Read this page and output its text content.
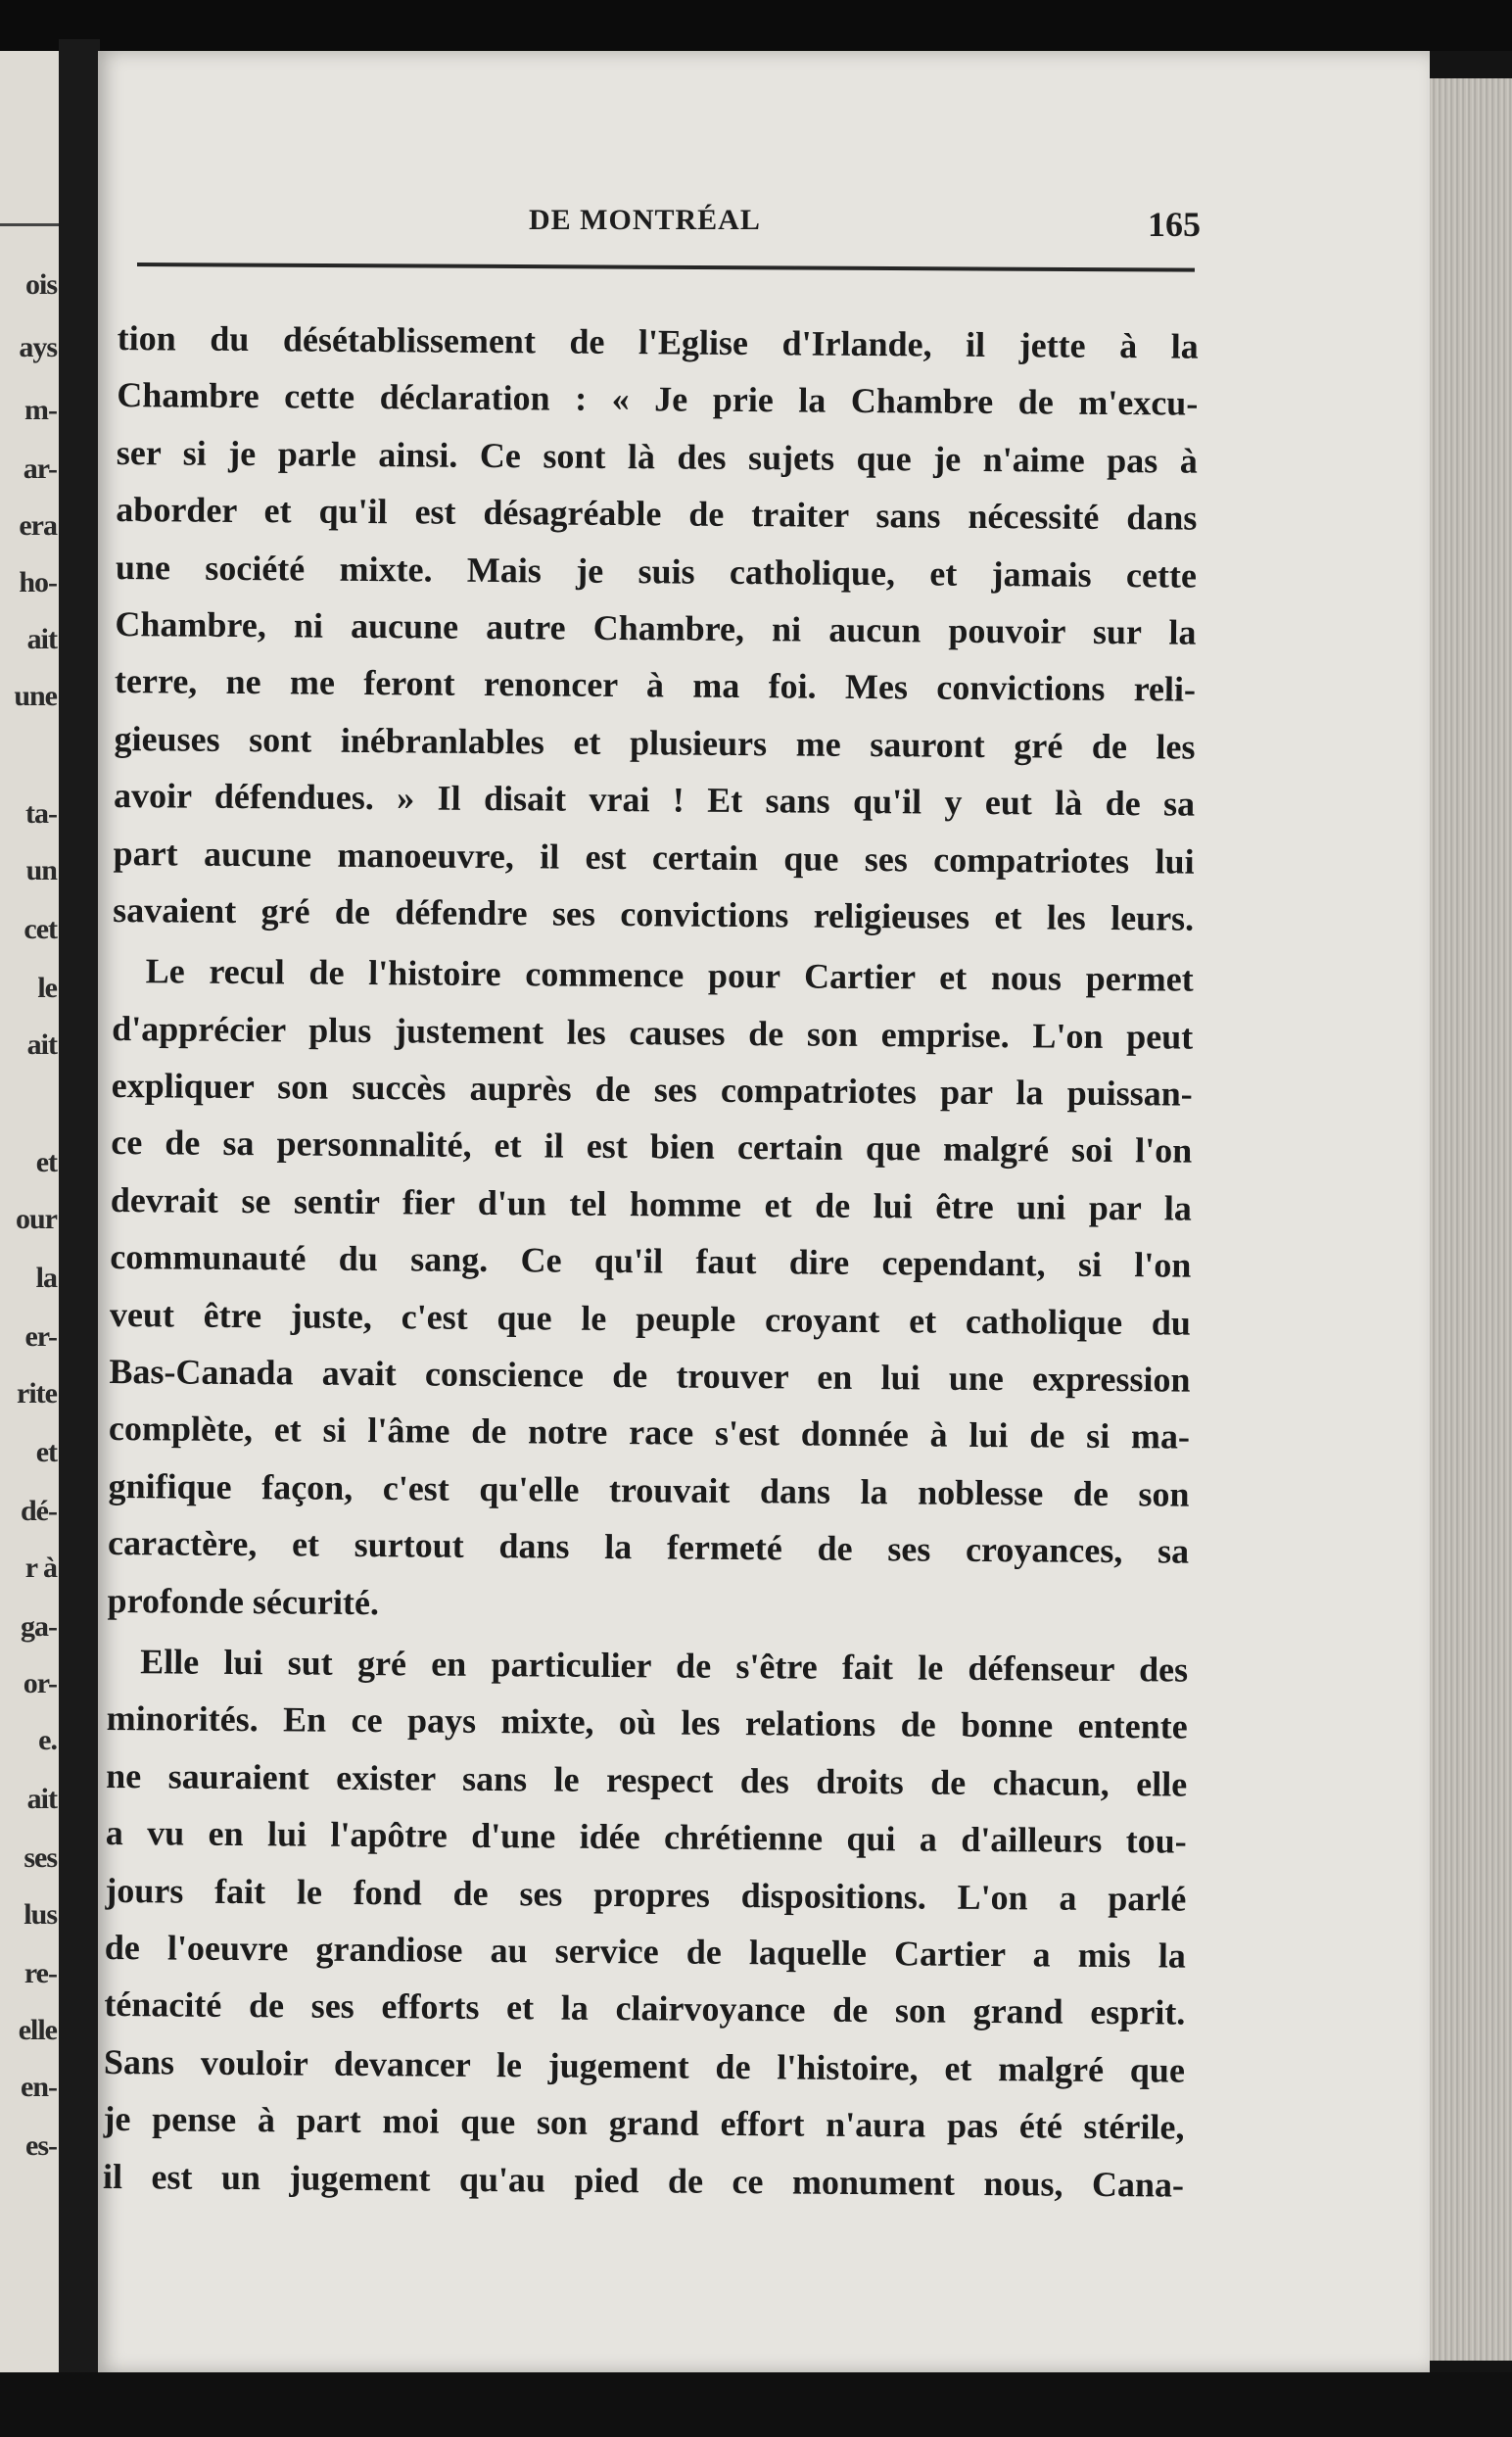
ois
ays
m-
ar-
era
ho-
ait
une
ta-
un
cet
le
ait
et
our
la
er-
rite
et
dé-
r à
ga-
or-
e.
ait
ses
lus
re-
elle
en-
es-
DE MONTRÉAL	165
tion du désétablissement de l'Eglise d'Irlande, il jette à la
Chambre cette déclaration : « Je prie la Chambre de m'excu-
ser si je parle ainsi. Ce sont là des sujets que je n'aime pas à
aborder et qu'il est désagréable de traiter sans nécessité dans
une société mixte. Mais je suis catholique, et jamais cette
Chambre, ni aucune autre Chambre, ni aucun pouvoir sur la
terre, ne me feront renoncer à ma foi. Mes convictions reli-
gieuses sont inébranlables et plusieurs me sauront gré de les
avoir défendues. » Il disait vrai ! Et sans qu'il y eut là de sa
part aucune manoeuvre, il est certain que ses compatriotes lui
savaient gré de défendre ses convictions religieuses et les leurs.
Le recul de l'histoire commence pour Cartier et nous permet
d'apprécier plus justement les causes de son emprise. L'on peut
expliquer son succès auprès de ses compatriotes par la puissan-
ce de sa personnalité, et il est bien certain que malgré soi l'on
devrait se sentir fier d'un tel homme et de lui être uni par la
communauté du sang. Ce qu'il faut dire cependant, si l'on
veut être juste, c'est que le peuple croyant et catholique du
Bas-Canada avait conscience de trouver en lui une expression
complète, et si l'âme de notre race s'est donnée à lui de si ma-
gnifique façon, c'est qu'elle trouvait dans la noblesse de son
caractère, et surtout dans la fermeté de ses croyances, sa
profonde sécurité.
Elle lui sut gré en particulier de s'être fait le défenseur des
minorités. En ce pays mixte, où les relations de bonne entente
ne sauraient exister sans le respect des droits de chacun, elle
a vu en lui l'apôtre d'une idée chrétienne qui a d'ailleurs tou-
jours fait le fond de ses propres dispositions. L'on a parlé
de l'oeuvre grandiose au service de laquelle Cartier a mis la
ténacité de ses efforts et la clairvoyance de son grand esprit.
Sans vouloir devancer le jugement de l'histoire, et malgré que
je pense à part moi que son grand effort n'aura pas été stérile,
il est un jugement qu'au pied de ce monument nous, Cana-
